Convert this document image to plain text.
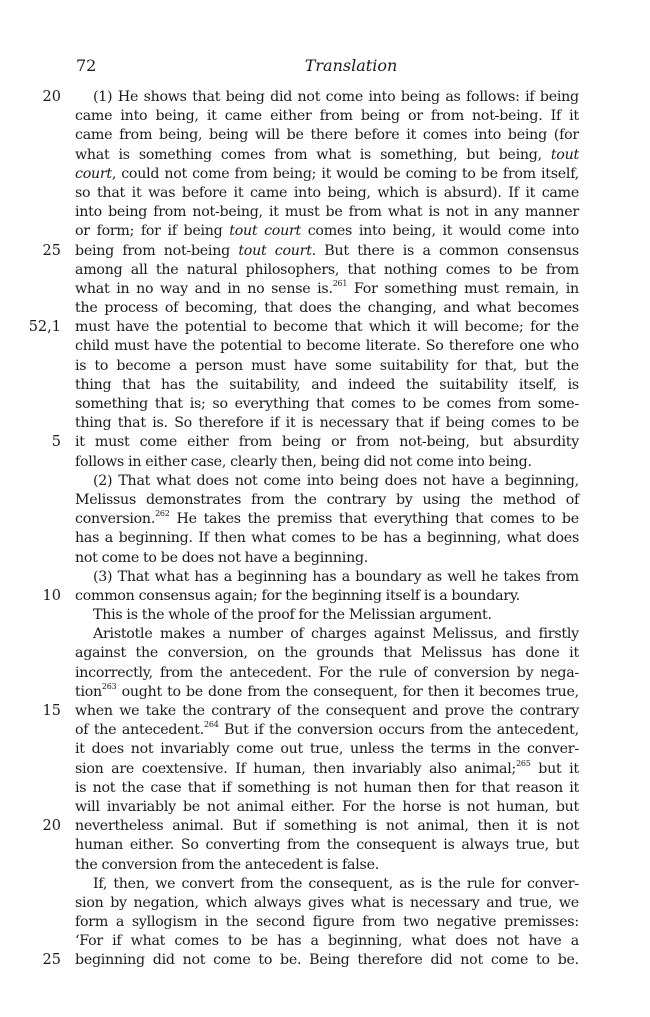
72	Translation
20 (1) He shows that being did not come into being as follows: if being
came into being, it came either from being or from not-being. If it
came from being, being will be there before it comes into being (for
what is something comes from what is something, but being, tout
court, could not come from being; it would be coming to be from itself,
so that it was before it came into being, which is absurd). If it came
into being from not-being, it must be from what is not in any manner
or form; for if being tout court comes into being, it would come into
25 being from not-being tout court. But there is a common consensus
among all the natural philosophers, that nothing comes to be from
what in no way and in no sense is.$^{261}$ For something must remain, in
the process of becoming, that does the changing, and what becomes
52,1 must have the potential to become that which it will become; for the
child must have the potential to become literate. So therefore one who
is to become a person must have some suitability for that, but the
thing that has the suitability, and indeed the suitability itself, is
something that is; so everything that comes to be comes from some-
thing that is. So therefore if it is necessary that if being comes to be
5 it must come either from being or from not-being, but absurdity
follows in either case, clearly then, being did not come into being.
(2) That what does not come into being does not have a beginning,
Melissus demonstrates from the contrary by using the method of
conversion.$^{262}$ He takes the premiss that everything that comes to be
has a beginning. If then what comes to be has a beginning, what does
not come to be does not have a beginning.
(3) That what has a beginning has a boundary as well he takes from
10 common consensus again; for the beginning itself is a boundary.
This is the whole of the proof for the Melissian argument.
Aristotle makes a number of charges against Melissus, and firstly
against the conversion, on the grounds that Melissus has done it
incorrectly, from the antecedent. For the rule of conversion by nega-
tion$^{263}$ ought to be done from the consequent, for then it becomes true,
15 when we take the contrary of the consequent and prove the contrary
of the antecedent.$^{264}$ But if the conversion occurs from the antecedent,
it does not invariably come out true, unless the terms in the conver-
sion are coextensive. If human, then invariably also animal;$^{265}$ but it
is not the case that if something is not human then for that reason it
will invariably be not animal either. For the horse is not human, but
20 nevertheless animal. But if something is not animal, then it is not
human either. So converting from the consequent is always true, but
the conversion from the antecedent is false.
If, then, we convert from the consequent, as is the rule for conver-
sion by negation, which always gives what is necessary and true, we
form a syllogism in the second figure from two negative premisses:
‘For if what comes to be has a beginning, what does not have a
25 beginning did not come to be. Being therefore did not come to be.
